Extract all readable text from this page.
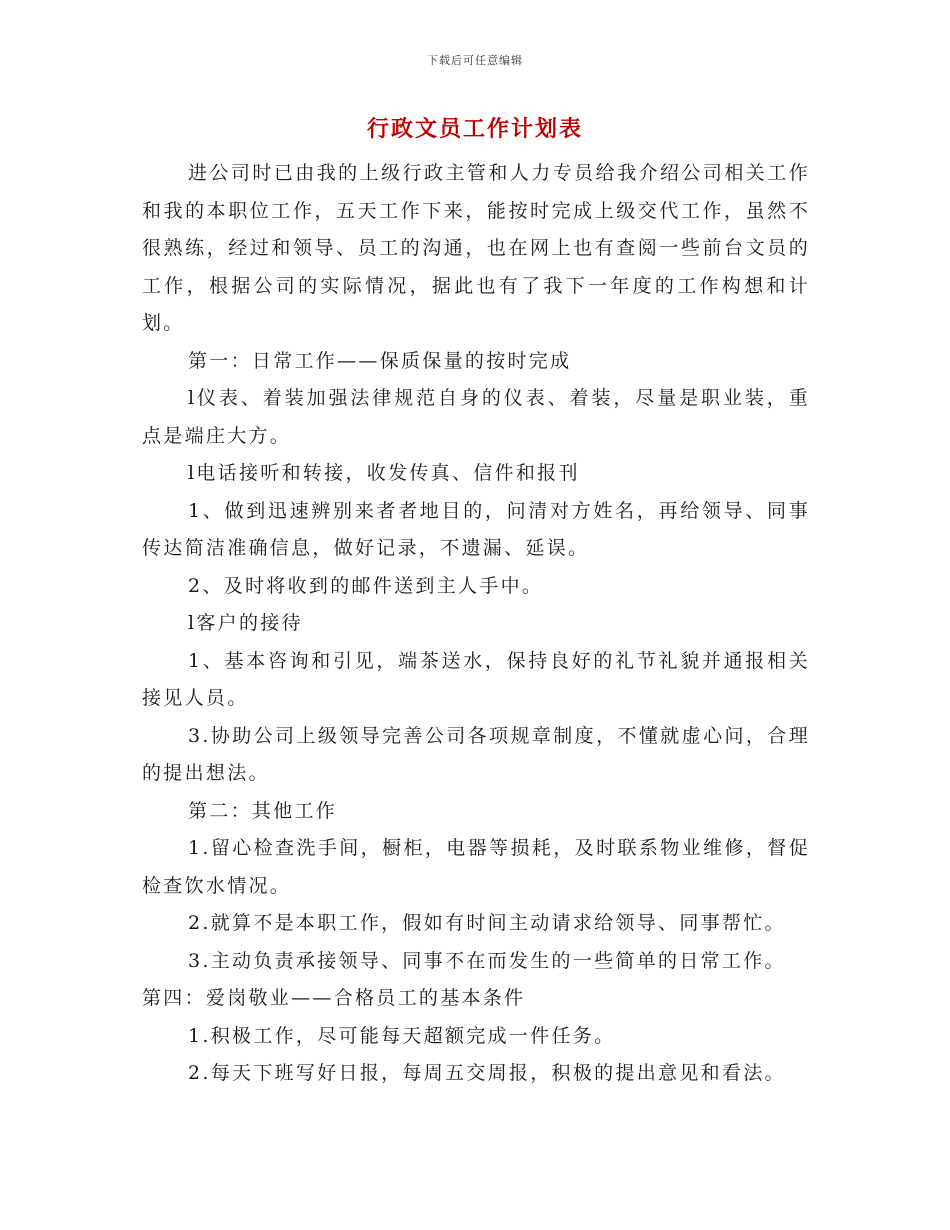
下载后可任意编辑
行政文员工作计划表

进公司时已由我的上级行政主管和人力专员给我介绍公司相关工作和我的本职位工作，五天工作下来，能按时完成上级交代工作，虽然不很熟练，经过和领导、员工的沟通，也在网上也有查阅一些前台文员的工作，根据公司的实际情况，据此也有了我下一年度的工作构想和计划。

第一：日常工作——保质保量的按时完成

l仪表、着装加强法律规范自身的仪表、着装，尽量是职业装，重点是端庄大方。

l电话接听和转接，收发传真、信件和报刊

1、做到迅速辨别来者者地目的，问清对方姓名，再给领导、同事传达简洁准确信息，做好记录，不遗漏、延误。

2、及时将收到的邮件送到主人手中。

l客户的接待

1、基本咨询和引见，端茶送水，保持良好的礼节礼貌并通报相关接见人员。

3.协助公司上级领导完善公司各项规章制度，不懂就虚心问，合理的提出想法。

第二：其他工作

1.留心检查洗手间，橱柜，电器等损耗，及时联系物业维修，督促检查饮水情况。

2.就算不是本职工作，假如有时间主动请求给领导、同事帮忙。

3.主动负责承接领导、同事不在而发生的一些简单的日常工作。

第四：爱岗敬业——合格员工的基本条件

1.积极工作，尽可能每天超额完成一件任务。

2.每天下班写好日报，每周五交周报，积极的提出意见和看法。
